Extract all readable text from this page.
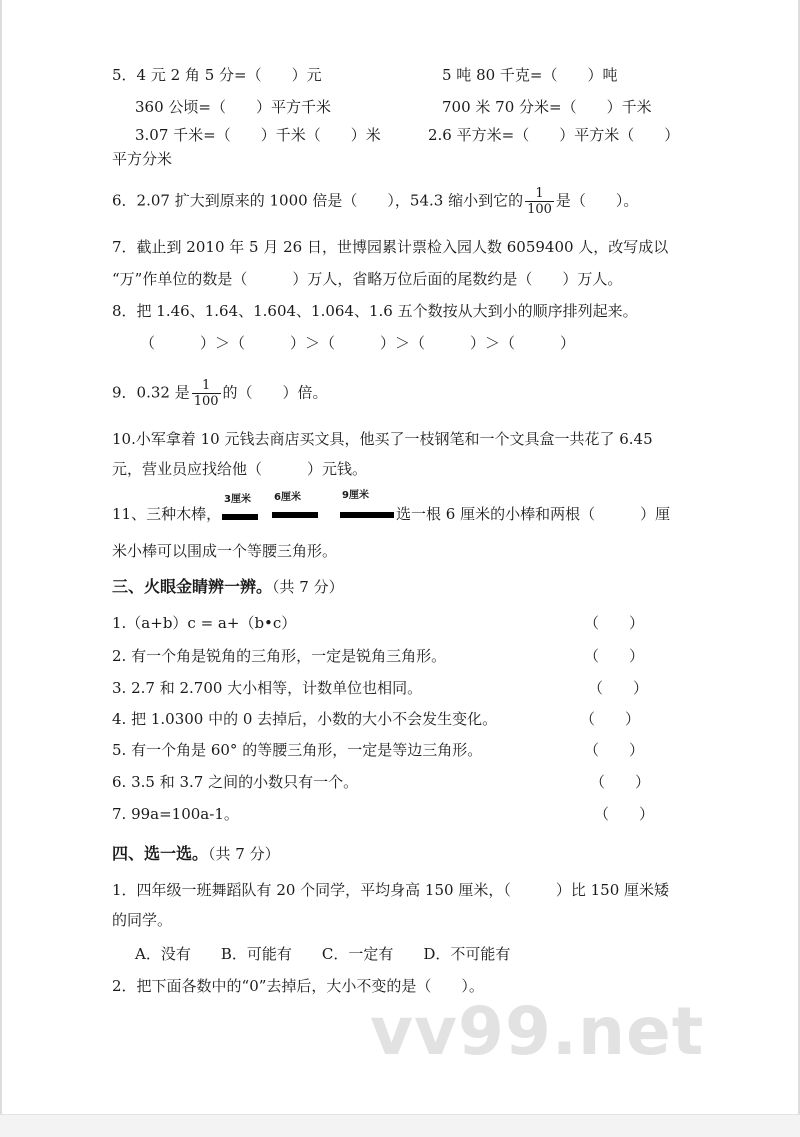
5．4 元 2 角 5 分=（　　）元	5 吨 80 千克=（　　）吨
360 公顷=（　　）平方千米	700 米 70 分米=（　　）千米
3.07 千米=（　　）千米（　　）米	2.6 平方米=（　　）平方米（　　）
平方分米
6．2.07 扩大到原来的 1000 倍是（　　），54.3 缩小到它的 $\frac{1}{100}$ 是（　　）。
7．截止到 2010 年 5 月 26 日，世博园累计票检入园人数 6059400 人，改写成以
“万”作单位的数是（　　　）万人，省略万位后面的尾数约是（　　）万人。
8．把 1.46、1.64、1.604、1.064、1.6 五个数按从大到小的顺序排列起来。
（　　　）＞（　　　）＞（　　　）＞（　　　）＞（　　　）
9．0.32 是 $\frac{1}{100}$ 的（　　）倍。
10.小军拿着 10 元钱去商店买文具，他买了一枝钢笔和一个文具盒一共花了 6.45
元，营业员应找给他（　　　）元钱。
11、三种木棒，
3厘米 6厘米	9厘米
选一根 6 厘米的小棒和两根（　　　）厘
米小棒可以围成一个等腰三角形。
三、火眼金睛辨一辨。（共 7 分）
1.（a+b）c = a+（b•c）	（　　）
2. 有一个角是锐角的三角形，一定是锐角三角形。	（　　）
3. 2.7 和 2.700 大小相等，计数单位也相同。	（　　）
4. 把 1.0300 中的 0 去掉后，小数的大小不会发生变化。	（　　）
5. 有一个角是 60° 的等腰三角形，一定是等边三角形。	（　　）
6. 3.5 和 3.7 之间的小数只有一个。	（　　）
7. 99a=100a-1。	（　　）
四、选一选。（共 7 分）
1．四年级一班舞蹈队有 20 个同学，平均身高 150 厘米，（　　　）比 150 厘米矮
的同学。
A．没有　　B．可能有　　C．一定有　　D．不可能有
2．把下面各数中的“0”去掉后，大小不变的是（　　）。
vv99.net
